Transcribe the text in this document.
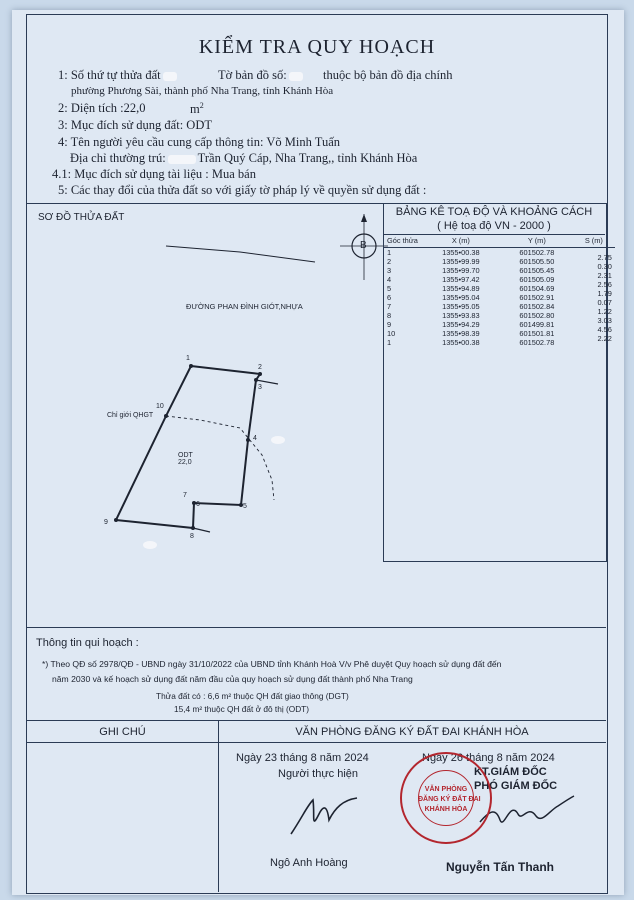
KIỂM TRA QUY HOẠCH
1: Số thứ tự thửa đất	Tờ bản đồ số:	thuộc bộ bản đồ địa chính
phường Phương Sài, thành phố Nha Trang, tỉnh Khánh Hòa
2: Diện tích :22,0	$m^2$
3: Mục đích sử dụng đất: ODT
4: Tên người yêu cầu cung cấp thông tin: Võ Minh Tuấn
Địa chỉ thường trú:	Trần Quý Cáp, Nha Trang,, tỉnh Khánh Hòa
4.1: Mục đích sử dụng tài liệu : Mua bán
5: Các thay đổi của thửa đất so với giấy tờ pháp lý về quyền sử dụng đất :
SƠ ĐỒ THỬA ĐẤT
B
ĐƯỜNG PHAN ĐÌNH GIÓT,NHỰA
Chỉ giới QHGT
ODT
22,0
1
2
3
4
5
6
7
8
9
10
BẢNG KÊ TOẠ ĐỘ VÀ KHOẢNG CÁCH
( Hệ toạ độ VN - 2000 )
Góc thửa	X (m)	Y (m)	S (m)
1	1355•00.38	601502.78	2.75
2	1355•99.99	601505.50	0.30
3	1355•99.70	601505.45	2.31
4	1355•97.42	601505.09	2.56
5	1355•94.89	601504.69	1.79
6	1355•95.04	601502.91	0.07
7	1355•95.05	601502.84	1.22
8	1355•93.83	601502.80	3.03
9	1355•94.29	601499.81	4.56
10	1355•98.39	601501.81	2.22
1	1355•00.38	601502.78	
Thông tin qui hoạch :
*) Theo QĐ số 2978/QĐ - UBND ngày 31/10/2022 của UBND tỉnh Khánh Hoà V/v Phê duyệt Quy hoạch sử dụng đất đến
năm 2030 và kế hoạch sử dụng đất năm đầu của quy hoạch sử dụng đất thành phố Nha Trang
Thửa đất có : 6,6 m² thuộc QH đất giao thông (DGT)
15,4 m² thuộc QH đất ở đô thị (ODT)
GHI CHÚ	VĂN PHÒNG ĐĂNG KÝ ĐẤT ĐAI KHÁNH HÒA
Ngày 23 tháng 8 năm 2024
Người thực hiện
Ngô Anh Hoàng
Ngày 26 tháng 8 năm 2024
KT.GIÁM ĐỐC
PHÓ GIÁM ĐỐC
VĂN PHÒNG
ĐĂNG KÝ ĐẤT ĐAI
KHÁNH HÒA
Nguyễn Tấn Thanh
